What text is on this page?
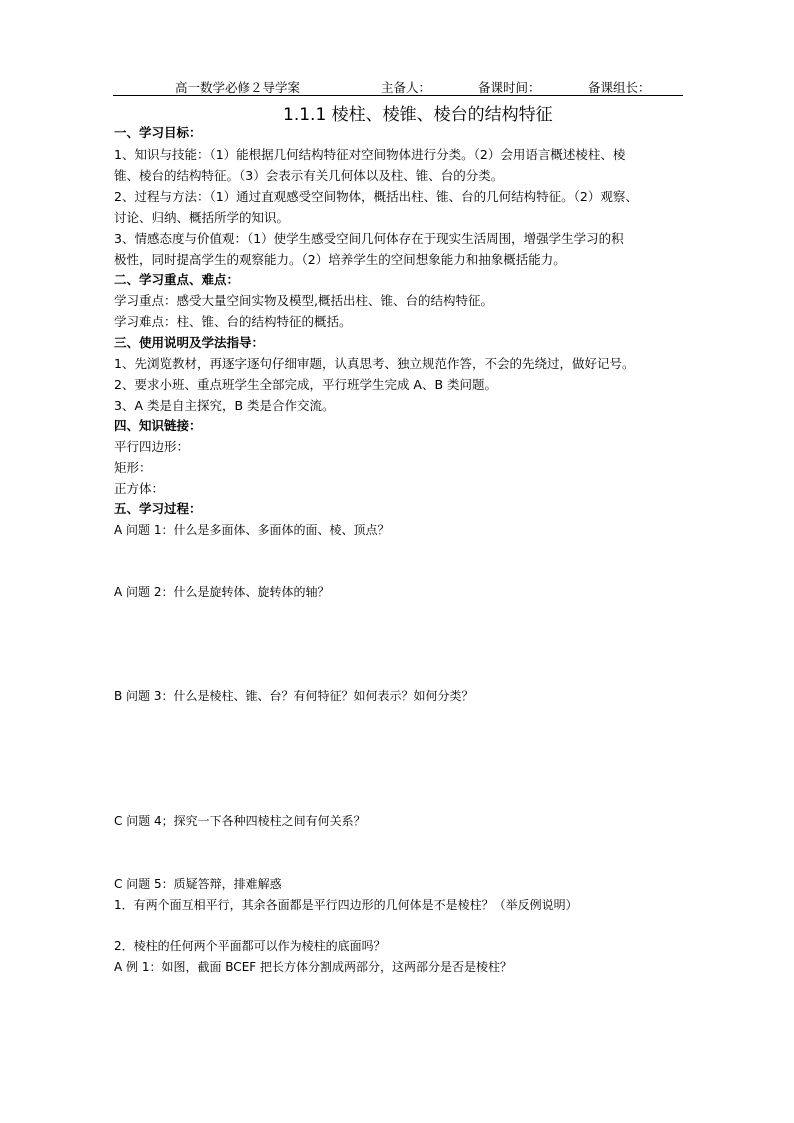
高一数学必修２导学案	主备人：	备课时间：	备课组长：
1.1.1 棱柱、棱锥、棱台的结构特征
一、学习目标：
1、知识与技能：（1）能根据几何结构特征对空间物体进行分类。（2）会用语言概述棱柱、棱
锥、棱台的结构特征。（3）会表示有关几何体以及柱、锥、台的分类。
2、过程与方法：（1）通过直观感受空间物体，概括出柱、锥、台的几何结构特征。（2）观察、
讨论、归纳、概括所学的知识。
3、情感态度与价值观：（1）使学生感受空间几何体存在于现实生活周围，增强学生学习的积
极性，同时提高学生的观察能力。（2）培养学生的空间想象能力和抽象概括能力。
二、学习重点、难点：
学习重点：感受大量空间实物及模型,概括出柱、锥、台的结构特征。
学习难点：柱、锥、台的结构特征的概括。
三、使用说明及学法指导：
1、先浏览教材，再逐字逐句仔细审题，认真思考、独立规范作答，不会的先绕过，做好记号。
2、要求小班、重点班学生全部完成，平行班学生完成 A、B 类问题。
3、A 类是自主探究，B 类是合作交流。
四、知识链接：
平行四边形：
矩形：
正方体：
五、学习过程：
A 问题 1：什么是多面体、多面体的面、棱、顶点？
A 问题 2：什么是旋转体、旋转体的轴？
B 问题 3：什么是棱柱、锥、台？有何特征？如何表示？如何分类？
C 问题 4；探究一下各种四棱柱之间有何关系？
C 问题 5：质疑答辩，排难解惑
1．有两个面互相平行，其余各面都是平行四边形的几何体是不是棱柱？（举反例说明）
2．棱柱的任何两个平面都可以作为棱柱的底面吗？
A 例 1：如图，截面 BCEF 把长方体分割成两部分，这两部分是否是棱柱？
